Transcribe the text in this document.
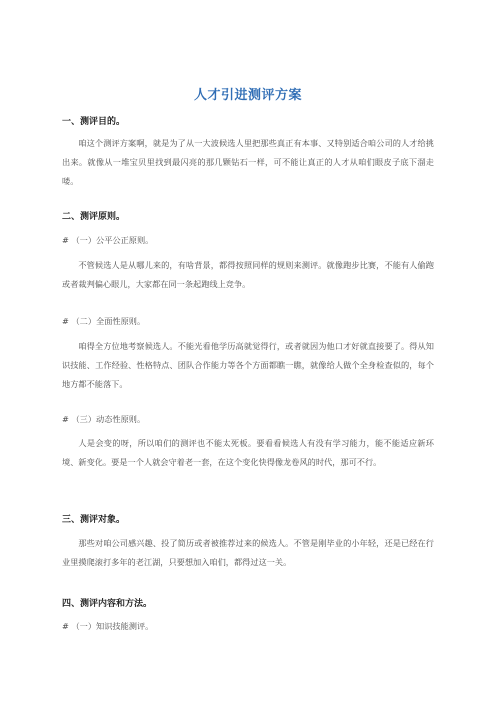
人才引进测评方案
一、测评目的。
咱这个测评方案啊，就是为了从一大波候选人里把那些真正有本事、又特别适合咱公司的人才给挑出来。就像从一堆宝贝里找到最闪亮的那几颗钻石一样，可不能让真正的人才从咱们眼皮子底下溜走喽。
二、测评原则。
# （一）公平公正原则。
不管候选人是从哪儿来的，有啥背景，都得按照同样的规则来测评。就像跑步比赛，不能有人偷跑或者裁判偏心眼儿，大家都在同一条起跑线上竞争。
# （二）全面性原则。
咱得全方位地考察候选人。不能光看他学历高就觉得行，或者就因为他口才好就直接要了。得从知识技能、工作经验、性格特点、团队合作能力等各个方面都瞧一瞧，就像给人做个全身检查似的，每个地方都不能落下。
# （三）动态性原则。
人是会变的呀，所以咱们的测评也不能太死板。要看看候选人有没有学习能力，能不能适应新环境、新变化。要是一个人就会守着老一套，在这个变化快得像龙卷风的时代，那可不行。
三、测评对象。
那些对咱公司感兴趣、投了简历或者被推荐过来的候选人。不管是刚毕业的小年轻，还是已经在行业里摸爬滚打多年的老江湖，只要想加入咱们，都得过这一关。
四、测评内容和方法。
# （一）知识技能测评。
